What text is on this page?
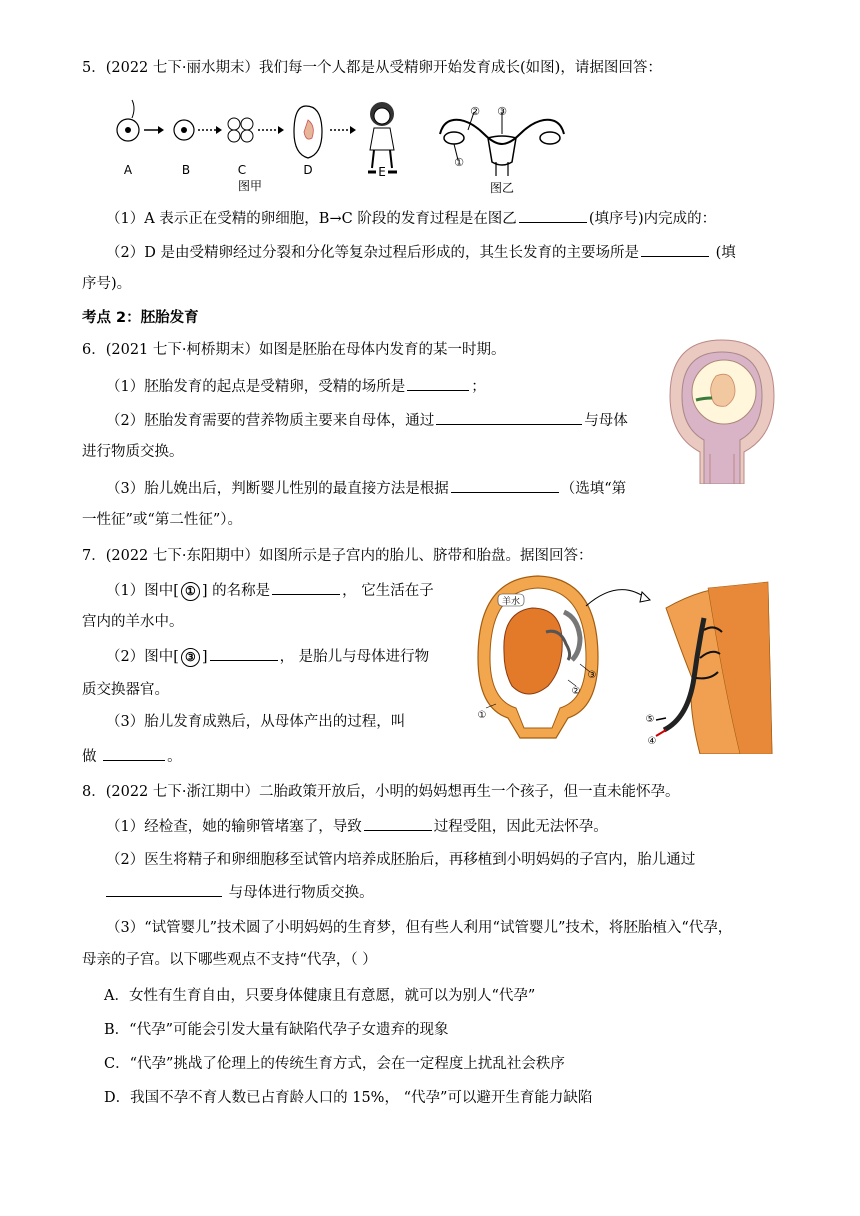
5．(2022 七下·丽水期末）我们每一个人都是从受精卵开始发育成长(如图)，请据图回答：
A	B	C	D	E
图甲
② ③
①
图乙
（1）A 表示正在受精的卵细胞，B→C 阶段的发育过程是在图乙	(填序号)内完成的：
（2）D 是由受精卵经过分裂和分化等复杂过程后形成的，其生长发育的主要场所是	(填
序号)。
考点 2：胚胎发育
6．(2021 七下·柯桥期末）如图是胚胎在母体内发育的某一时期。
（1）胚胎发育的起点是受精卵，受精的场所是	；
（2）胚胎发育需要的营养物质主要来自母体，通过	与母体
进行物质交换。
（3）胎儿娩出后，判断婴儿性别的最直接方法是根据	（选填“第
一性征”或“第二性征”）。
7．(2022 七下·东阳期中）如图所示是子宫内的胎儿、脐带和胎盘。据图回答：
（1）图中[ ① ] 的名称是	， 它生活在子
宫内的羊水中。
（2）图中[ ③ ]	， 是胎儿与母体进行物
质交换器官。
（3）胎儿发育成熟后，从母体产出的过程，叫
做	。
羊水
①
②
③
⑤
④
8．(2022 七下·浙江期中）二胎政策开放后，小明的妈妈想再生一个孩子，但一直未能怀孕。
（1）经检查，她的输卵管堵塞了，导致	过程受阻，因此无法怀孕。
（2）医生将精子和卵细胞移至试管内培养成胚胎后，再移植到小明妈妈的子宫内，胎儿通过
与母体进行物质交换。
（3）“试管婴儿”技术圆了小明妈妈的生育梦，但有些人利用“试管婴儿”技术，将胚胎植入“代孕，
母亲的子宫。以下哪些观点不支持“代孕，（ ）
A．女性有生育自由，只要身体健康且有意愿，就可以为别人“代孕”
B．“代孕”可能会引发大量有缺陷代孕子女遗弃的现象
C．“代孕”挑战了伦理上的传统生育方式，会在一定程度上扰乱社会秩序
D．我国不孕不育人数已占育龄人口的 15%， “代孕”可以避开生育能力缺陷
